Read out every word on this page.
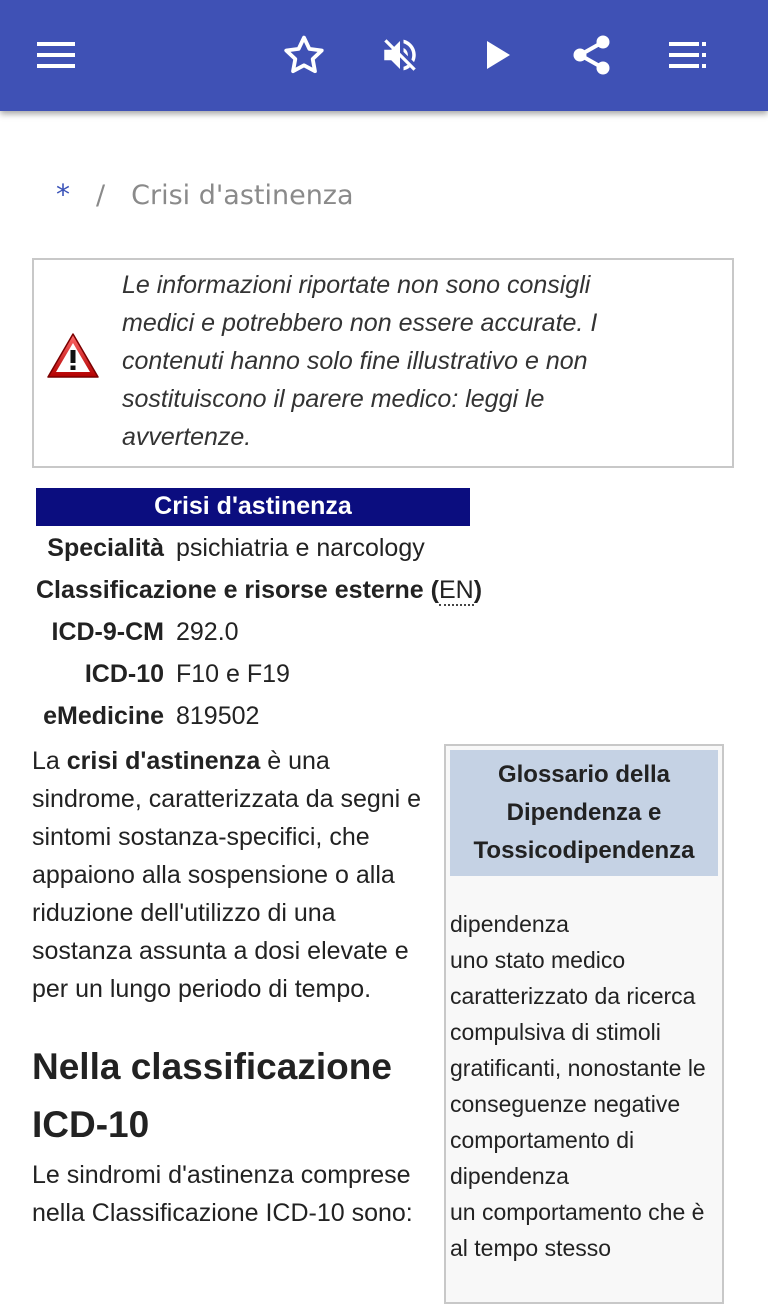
* / Crisi d'astinenza
Le informazioni riportate non sono consigli medici e potrebbero non essere accurate. I contenuti hanno solo fine illustrativo e non sostituiscono il parere medico: leggi le avvertenze.
Crisi d'astinenza
Specialità psichiatria e narcology
Classificazione e risorse esterne (EN)
ICD-9-CM 292.0
ICD-10 F10 e F19
eMedicine 819502

La crisi d'astinenza è una sindrome, caratterizzata da segni e sintomi sostanza-specifici, che appaiono alla sospensione o alla riduzione dell'utilizzo di una sostanza assunta a dosi elevate e per un lungo periodo di tempo.

Nella classificazione ICD-10

Le sindromi d'astinenza comprese nella Classificazione ICD-10 sono:

Glossario della Dipendenza e Tossicodipendenza
dipendenza
uno stato medico caratterizzato da ricerca compulsiva di stimoli gratificanti, nonostante le conseguenze negative
comportamento di dipendenza
un comportamento che è al tempo stesso
